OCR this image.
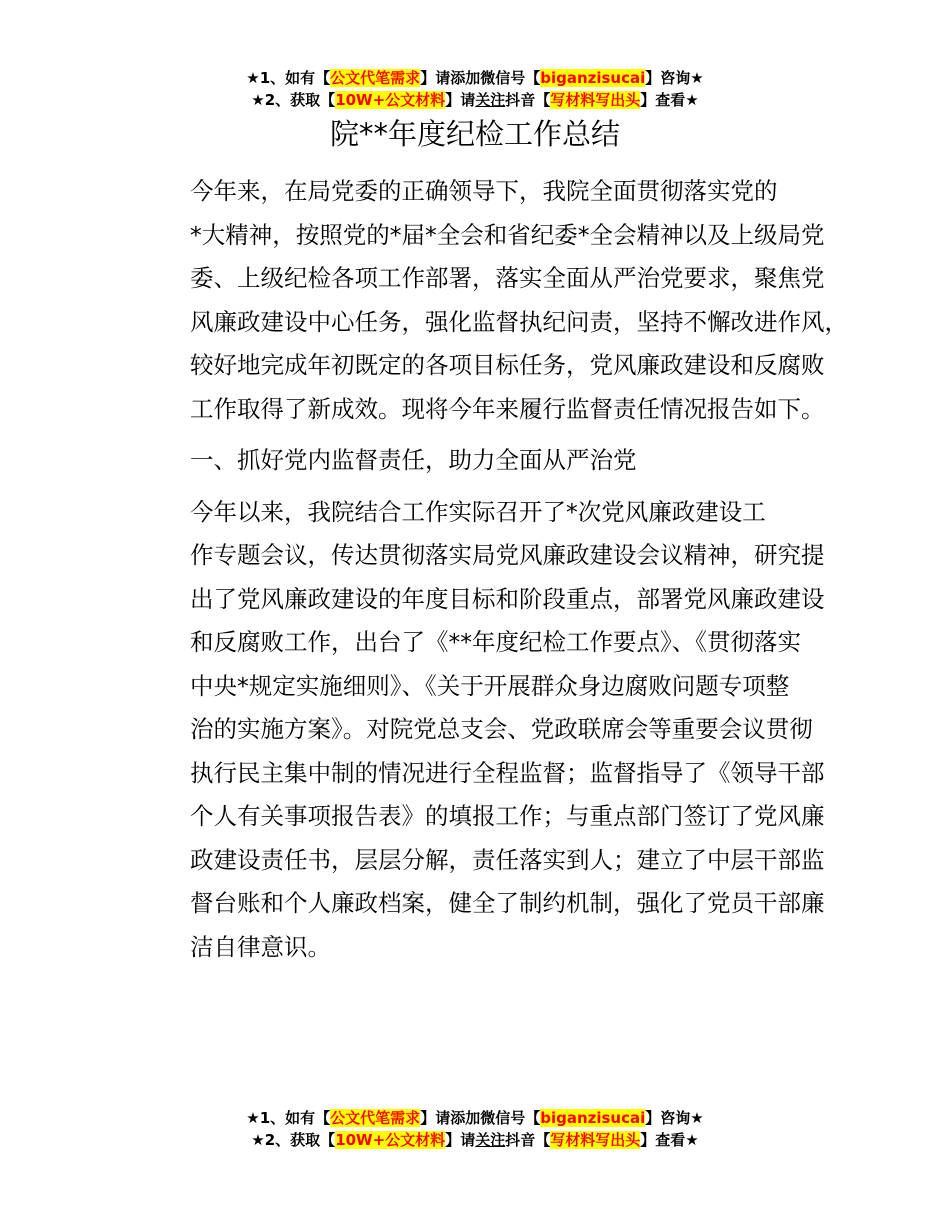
★1、如有【公文代笔需求】请添加微信号【biganzisucai】咨询★
★2、获取【10W+公文材料】请关注抖音【写材料写出头】查看★
院**年度纪检工作总结
今年来，在局党委的正确领导下，我院全面贯彻落实党的
*大精神，按照党的*届*全会和省纪委*全会精神以及上级局党
委、上级纪检各项工作部署，落实全面从严治党要求，聚焦党
风廉政建设中心任务，强化监督执纪问责，坚持不懈改进作风，
较好地完成年初既定的各项目标任务，党风廉政建设和反腐败
工作取得了新成效。现将今年来履行监督责任情况报告如下。
一、抓好党内监督责任，助力全面从严治党
今年以来，我院结合工作实际召开了*次党风廉政建设工
作专题会议，传达贯彻落实局党风廉政建设会议精神，研究提
出了党风廉政建设的年度目标和阶段重点，部署党风廉政建设
和反腐败工作，出台了《**年度纪检工作要点》、《贯彻落实
中央*规定实施细则》、《关于开展群众身边腐败问题专项整
治的实施方案》。对院党总支会、党政联席会等重要会议贯彻
执行民主集中制的情况进行全程监督；监督指导了《领导干部
个人有关事项报告表》的填报工作；与重点部门签订了党风廉
政建设责任书，层层分解，责任落实到人；建立了中层干部监
督台账和个人廉政档案，健全了制约机制，强化了党员干部廉
洁自律意识。
★1、如有【公文代笔需求】请添加微信号【biganzisucai】咨询★
★2、获取【10W+公文材料】请关注抖音【写材料写出头】查看★
